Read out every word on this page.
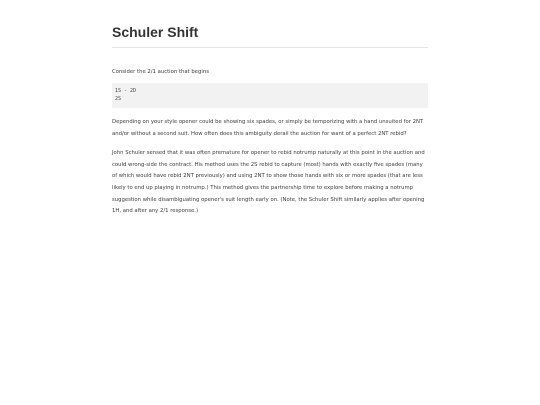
Schuler Shift

Consider the 2/1 auction that begins

1S - 2D
2S

Depending on your style opener could be showing six spades, or simply be temporizing with a hand unsuited for 2NT and/or without a second suit. How often does this ambiguity derail the auction for want of a perfect 2NT rebid?

John Schuler sensed that it was often premature for opener to rebid notrump naturally at this point in the auction and could wrong-side the contract. His method uses the 2S rebid to capture (most) hands with exactly five spades (many of which would have rebid 2NT previously) and using 2NT to show those hands with six or more spades (that are less likely to end up playing in notrump.) This method gives the partnership time to explore before making a notrump suggestion while disambiguating opener's suit length early on. (Note, the Schuler Shift similarly applies after opening 1H, and after any 2/1 response.)
